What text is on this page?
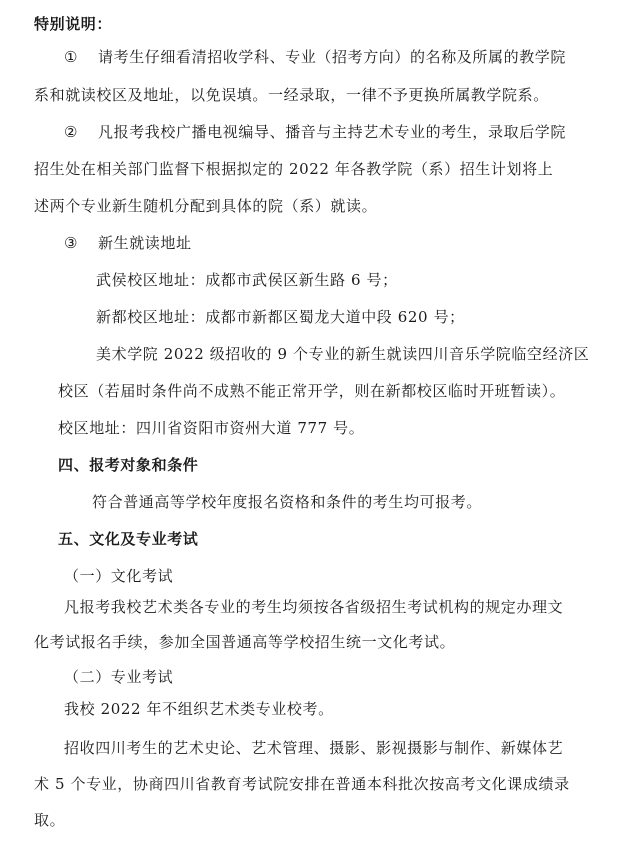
特别说明：
① 请考生仔细看清招收学科、专业（招考方向）的名称及所属的教学院
系和就读校区及地址，以免误填。一经录取，一律不予更换所属教学院系。
② 凡报考我校广播电视编导、播音与主持艺术专业的考生，录取后学院
招生处在相关部门监督下根据拟定的 2022 年各教学院（系）招生计划将上
述两个专业新生随机分配到具体的院（系）就读。
③ 新生就读地址
武侯校区地址：成都市武侯区新生路 6 号；
新都校区地址：成都市新都区蜀龙大道中段 620 号；
美术学院 2022 级招收的 9 个专业的新生就读四川音乐学院临空经济区
校区（若届时条件尚不成熟不能正常开学，则在新都校区临时开班暂读）。
校区地址：四川省资阳市资州大道 777 号。
四、报考对象和条件
符合普通高等学校年度报名资格和条件的考生均可报考。
五、文化及专业考试
（一）文化考试
凡报考我校艺术类各专业的考生均须按各省级招生考试机构的规定办理文
化考试报名手续，参加全国普通高等学校招生统一文化考试。
（二）专业考试
我校 2022 年不组织艺术类专业校考。
招收四川考生的艺术史论、艺术管理、摄影、影视摄影与制作、新媒体艺
术 5 个专业，协商四川省教育考试院安排在普通本科批次按高考文化课成绩录
取。
